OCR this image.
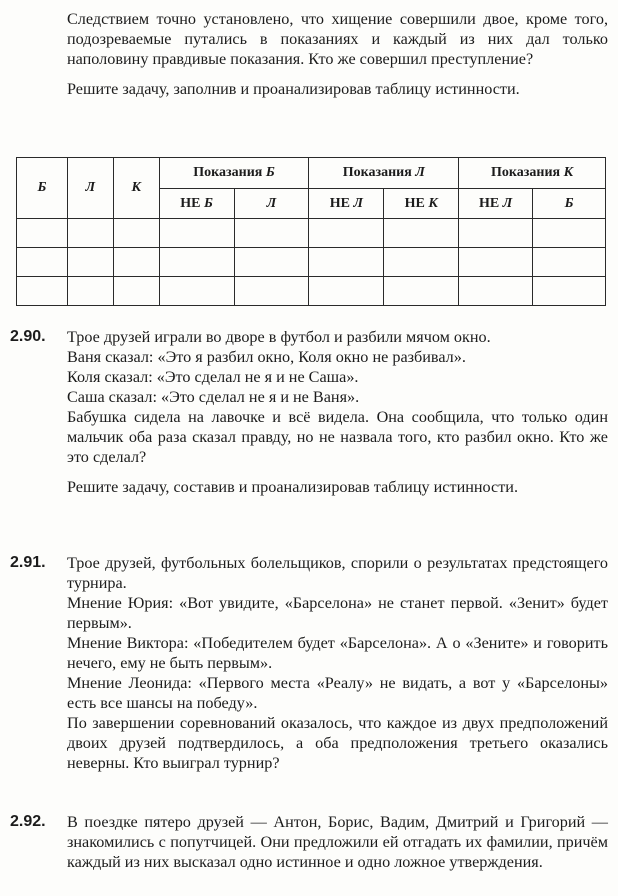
Следствием точно установлено, что хищение совершили двое, кроме того, подозреваемые путались в показаниях и каждый из них дал только наполовину правдивые показания. Кто же совершил преступление?

Решите задачу, заполнив и проанализировав таблицу истинности.

Б	Л	К	Показания Б		Показания Л		Показания К	
			НЕ Б	Л	НЕ Л	НЕ К	НЕ Л	Б

2.90. Трое друзей играли во дворе в футбол и разбили мячом окно.

Ваня сказал: «Это я разбил окно, Коля окно не разбивал».

Коля сказал: «Это сделал не я и не Саша».

Саша сказал: «Это сделал не я и не Ваня».

Бабушка сидела на лавочке и всё видела. Она сообщила, что только один мальчик оба раза сказал правду, но не назвала того, кто разбил окно. Кто же это сделал?

Решите задачу, составив и проанализировав таблицу истинности.

2.91. Трое друзей, футбольных болельщиков, спорили о результатах предстоящего турнира.

Мнение Юрия: «Вот увидите, «Барселона» не станет первой. «Зенит» будет первым».

Мнение Виктора: «Победителем будет «Барселона». А о «Зените» и говорить нечего, ему не быть первым».

Мнение Леонида: «Первого места «Реалу» не видать, а вот у «Барселоны» есть все шансы на победу».

По завершении соревнований оказалось, что каждое из двух предположений двоих друзей подтвердилось, а оба предположения третьего оказались неверны. Кто выиграл турнир?

2.92. В поездке пятеро друзей — Антон, Борис, Вадим, Дмитрий и Григорий — знакомились с попутчицей. Они предложили ей отгадать их фамилии, причём каждый из них высказал одно истинное и одно ложное утверждения.
